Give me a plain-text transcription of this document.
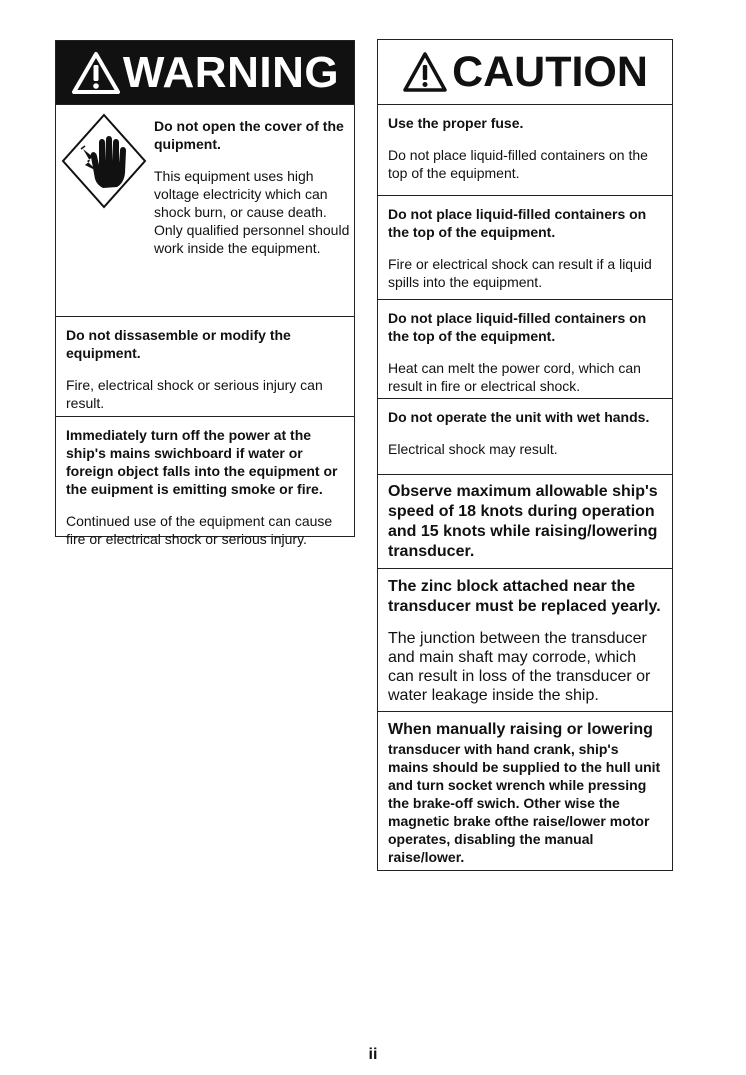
WARNING

Do not open the cover of the quipment.

This equipment uses high voltage electricity which can shock burn, or cause death. Only qualified personnel should work inside the equipment.

Do not dissasemble or modify the equipment.

Fire, electrical shock or serious injury can result.

Immediately turn off the power at the ship's mains swichboard if water or foreign object falls into the equipment or the euipment is emitting smoke or fire.

Continued use of the equipment can cause fire or electrical shock or serious injury.

CAUTION

Use the proper fuse.

Do not place liquid-filled containers on the top of the equipment.

Do not place liquid-filled containers on the top of the equipment.

Fire or electrical shock can result if a liquid spills into the equipment.

Do not place liquid-filled containers on the top of the equipment.

Heat can melt the power cord, which can result in fire or electrical shock.

Do not operate the unit with wet hands.

Electrical shock may result.

Observe maximum allowable ship's speed of 18 knots during operation and 15 knots while raising/lowering transducer.

The zinc block attached near the transducer must be replaced yearly.

The junction between the transducer and main shaft may corrode, which can result in loss of the transducer or water leakage inside the ship.

When manually raising or lowering

transducer with hand crank, ship's mains should be supplied to the hull unit and turn socket wrench while pressing the brake-off swich. Other wise the magnetic brake ofthe raise/lower motor operates, disabling the manual raise/lower.

ii
